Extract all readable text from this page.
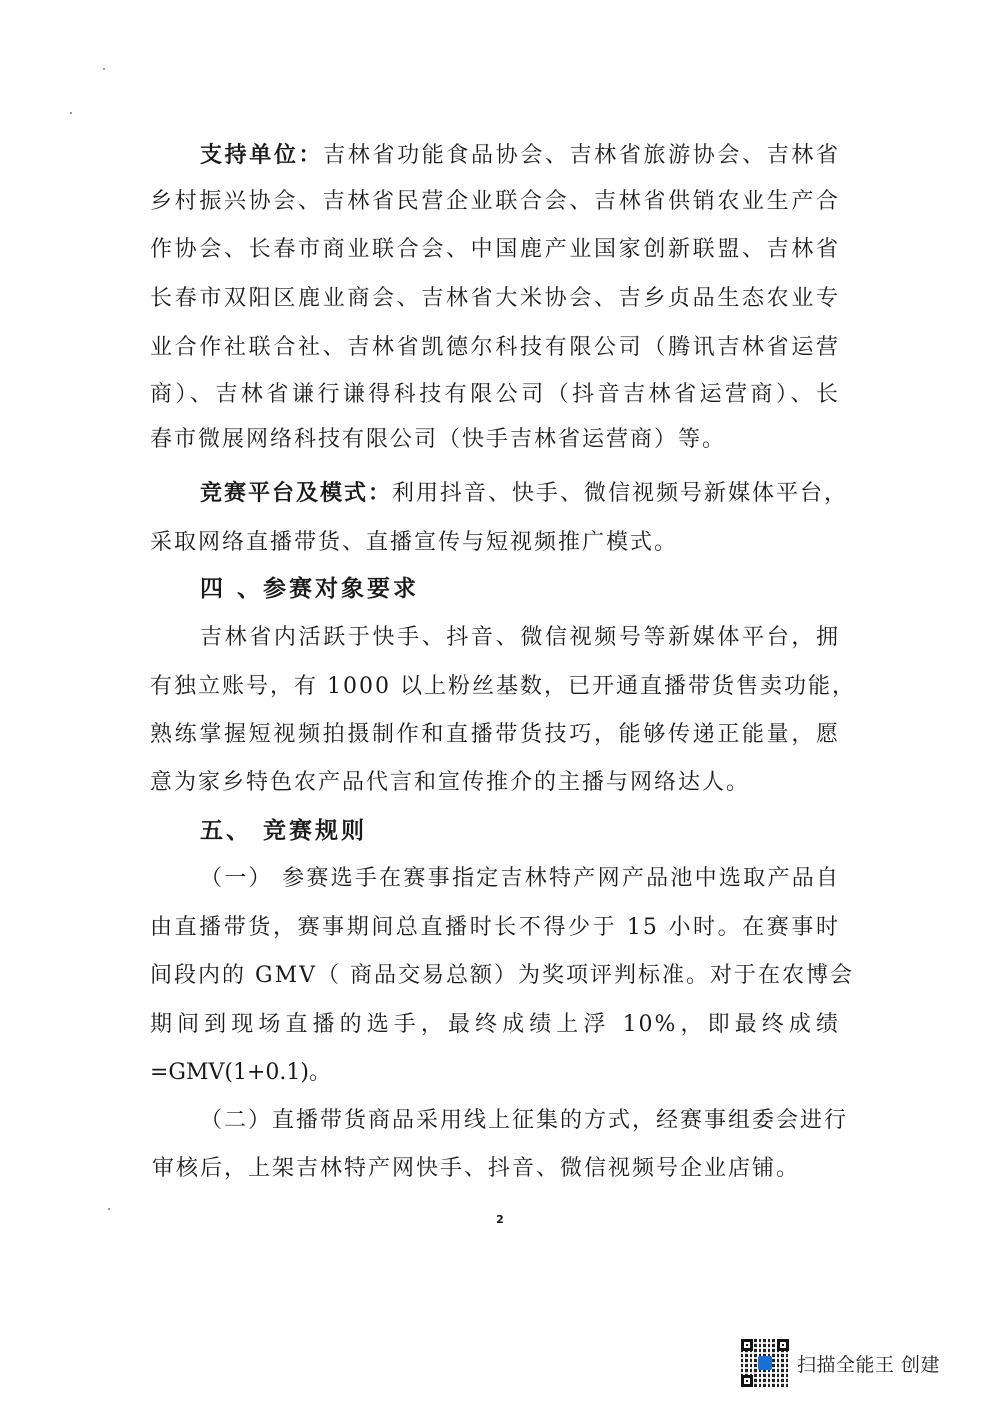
支持单位：吉林省功能食品协会、吉林省旅游协会、吉林省
乡村振兴协会、吉林省民营企业联合会、吉林省供销农业生产合
作协会、长春市商业联合会、中国鹿产业国家创新联盟、吉林省
长春市双阳区鹿业商会、吉林省大米协会、吉乡贞品生态农业专
业合作社联合社、吉林省凯德尔科技有限公司（腾讯吉林省运营
商）、吉林省谦行谦得科技有限公司（抖音吉林省运营商）、长
春市微展网络科技有限公司（快手吉林省运营商）等。
竞赛平台及模式：利用抖音、快手、微信视频号新媒体平台，
采取网络直播带货、直播宣传与短视频推广模式。
四 、参赛对象要求
吉林省内活跃于快手、抖音、微信视频号等新媒体平台，拥
有独立账号，有 1000 以上粉丝基数，已开通直播带货售卖功能，
熟练掌握短视频拍摄制作和直播带货技巧，能够传递正能量，愿
意为家乡特色农产品代言和宣传推介的主播与网络达人。
五、 竞赛规则
（一） 参赛选手在赛事指定吉林特产网产品池中选取产品自
由直播带货，赛事期间总直播时长不得少于 15 小时。在赛事时
间段内的 GMV（ 商品交易总额）为奖项评判标准。对于在农博会
期间到现场直播的选手，最终成绩上浮 10%，即最终成绩
=GMV(1+0.1)。
（二）直播带货商品采用线上征集的方式，经赛事组委会进行
审核后，上架吉林特产网快手、抖音、微信视频号企业店铺。
2
扫描全能王 创建
